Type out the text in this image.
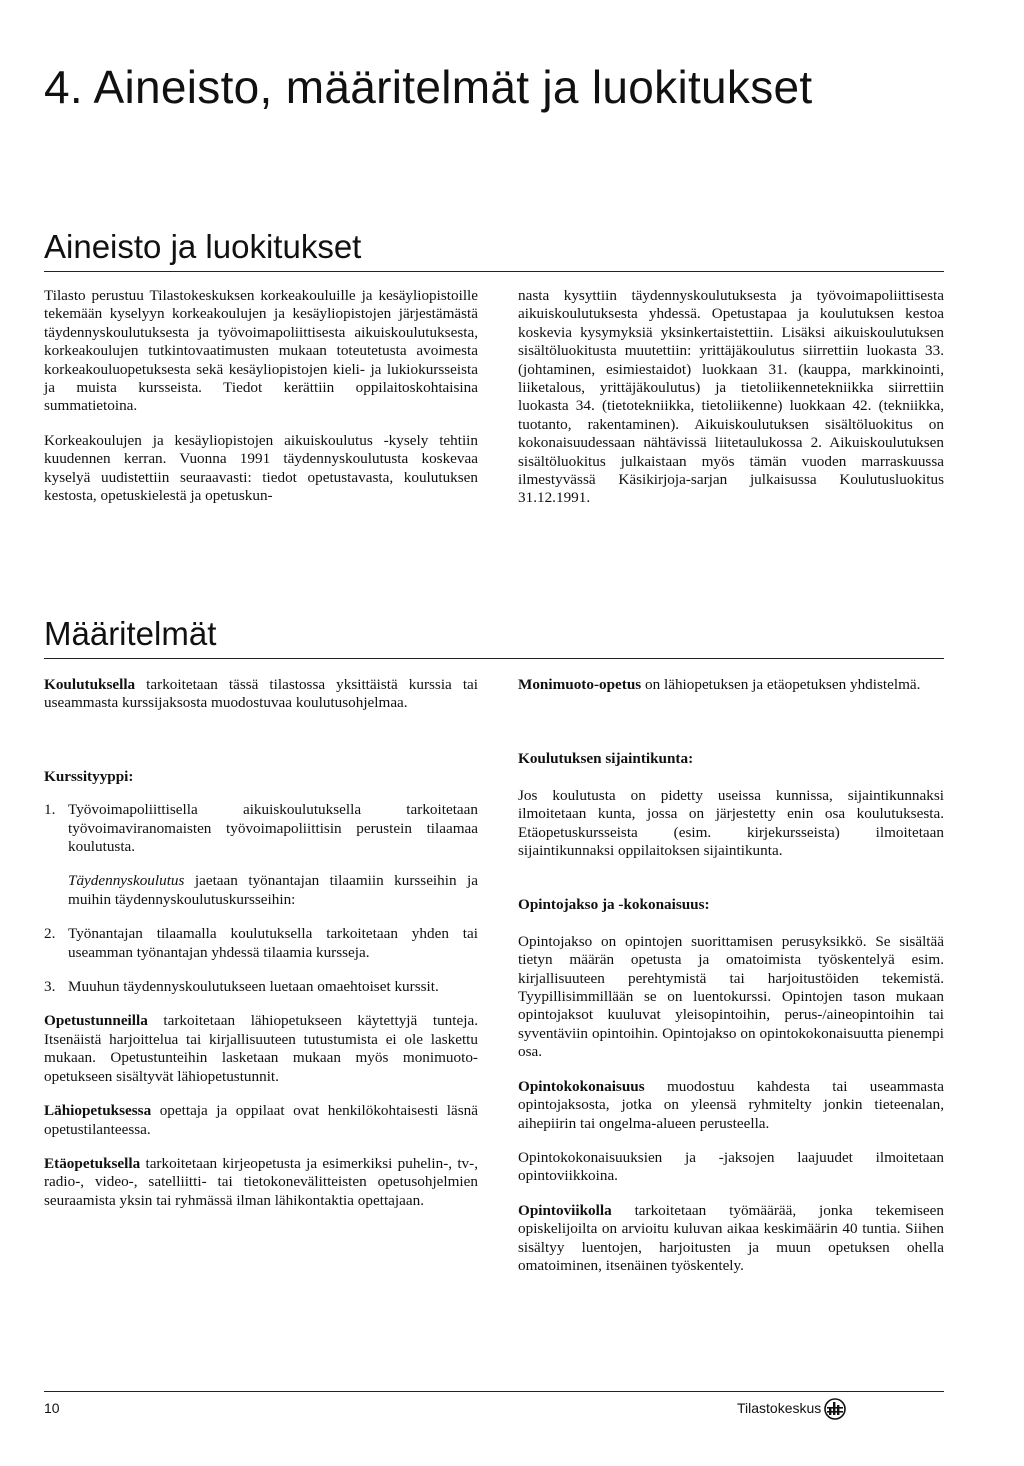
4. Aineisto, määritelmät ja luokitukset
Aineisto ja luokitukset

Tilasto perustuu Tilastokeskuksen korkeakouluille ja kesäyliopistoille tekemään kyselyyn korkeakoulujen ja kesäyliopistojen järjestämästä täydennyskoulutuksesta ja työvoimapoliittisesta aikuiskoulutuksesta, korkeakoulujen tutkintovaatimusten mukaan toteutetusta avoimesta korkeakouluopetuksesta sekä kesäyliopistojen kieli- ja lukiokursseista ja muista kursseista. Tiedot kerättiin oppilaitoskohtaisina summatietoina.

Korkeakoulujen ja kesäyliopistojen aikuiskoulutus -kysely tehtiin kuudennen kerran. Vuonna 1991 täydennyskoulutusta koskevaa kyselyä uudistettiin seuraavasti: tiedot opetustavasta, koulutuksen kestosta, opetuskielestä ja opetuskun-

nasta kysyttiin täydennyskoulutuksesta ja työvoimapoliittisesta aikuiskoulutuksesta yhdessä. Opetustapaa ja koulutuksen kestoa koskevia kysymyksiä yksinkertaistettiin. Lisäksi aikuiskoulutuksen sisältöluokitusta muutettiin: yrittäjäkoulutus siirrettiin luokasta 33. (johtaminen, esimiestaidot) luokkaan 31. (kauppa, markkinointi, liiketalous, yrittäjäkoulutus) ja tietoliikennetekniikka siirrettiin luokasta 34. (tietotekniikka, tietoliikenne) luokkaan 42. (tekniikka, tuotanto, rakentaminen). Aikuiskoulutuksen sisältöluokitus on kokonaisuudessaan nähtävissä liitetaulukossa 2. Aikuiskoulutuksen sisältöluokitus julkaistaan myös tämän vuoden marraskuussa ilmestyvässä Käsikirjoja-sarjan julkaisussa Koulutusluokitus 31.12.1991.

Määritelmät

Koulutuksella tarkoitetaan tässä tilastossa yksittäistä kurssia tai useammasta kurssijaksosta muodostuvaa koulutusohjelmaa.

Kurssityyppi:

1. Työvoimapoliittisella aikuiskoulutuksella tarkoitetaan työvoimaviranomaisten työvoimapoliittisin perustein tilaamaa koulutusta.

Täydennyskoulutus jaetaan työnantajan tilaamiin kursseihin ja muihin täydennyskoulutuskursseihin:

2. Työnantajan tilaamalla koulutuksella tarkoitetaan yhden tai useamman työnantajan yhdessä tilaamia kursseja.
3. Muuhun täydennyskoulutukseen luetaan omaehtoiset kurssit.

Opetustunneilla tarkoitetaan lähiopetukseen käytettyjä tunteja. Itsenäistä harjoittelua tai kirjallisuuteen tutustumista ei ole laskettu mukaan. Opetustunteihin lasketaan mukaan myös monimuoto-opetukseen sisältyvät lähiopetustunnit.

Lähiopetuksessa opettaja ja oppilaat ovat henkilökohtaisesti läsnä opetustilanteessa.

Etäopetuksella tarkoitetaan kirjeopetusta ja esimerkiksi puhelin-, tv-, radio-, video-, satelliitti- tai tietokonevälitteisten opetusohjelmien seuraamista yksin tai ryhmässä ilman lähikontaktia opettajaan.

Monimuoto-opetus on lähiopetuksen ja etäopetuksen yhdistelmä.

Koulutuksen sijaintikunta:

Jos koulutusta on pidetty useissa kunnissa, sijaintikunnaksi ilmoitetaan kunta, jossa on järjestetty enin osa koulutuksesta. Etäopetuskursseista (esim. kirjekursseista) ilmoitetaan sijaintikunnaksi oppilaitoksen sijaintikunta.

Opintojakso ja -kokonaisuus:

Opintojakso on opintojen suorittamisen perusyksikkö. Se sisältää tietyn määrän opetusta ja omatoimista työskentelyä esim. kirjallisuuteen perehtymistä tai harjoitustöiden tekemistä. Tyypillisimmillään se on luentokurssi. Opintojen tason mukaan opintojaksot kuuluvat yleisopintoihin, perus-/aineopintoihin tai syventäviin opintoihin. Opintojakso on opintokokonaisuutta pienempi osa.

Opintokokonaisuus muodostuu kahdesta tai useammasta opintojaksosta, jotka on yleensä ryhmitelty jonkin tieteenalan, aihepiirin tai ongelma-alueen perusteella.

Opintokokonaisuuksien ja -jaksojen laajuudet ilmoitetaan opintoviikkoina.

Opintoviikolla tarkoitetaan työmäärää, jonka tekemiseen opiskelijoilta on arvioitu kuluvan aikaa keskimäärin 40 tuntia. Siihen sisältyy luentojen, harjoitusten ja muun opetuksen ohella omatoiminen, itsenäinen työskentely.

10	Tilastokeskus
